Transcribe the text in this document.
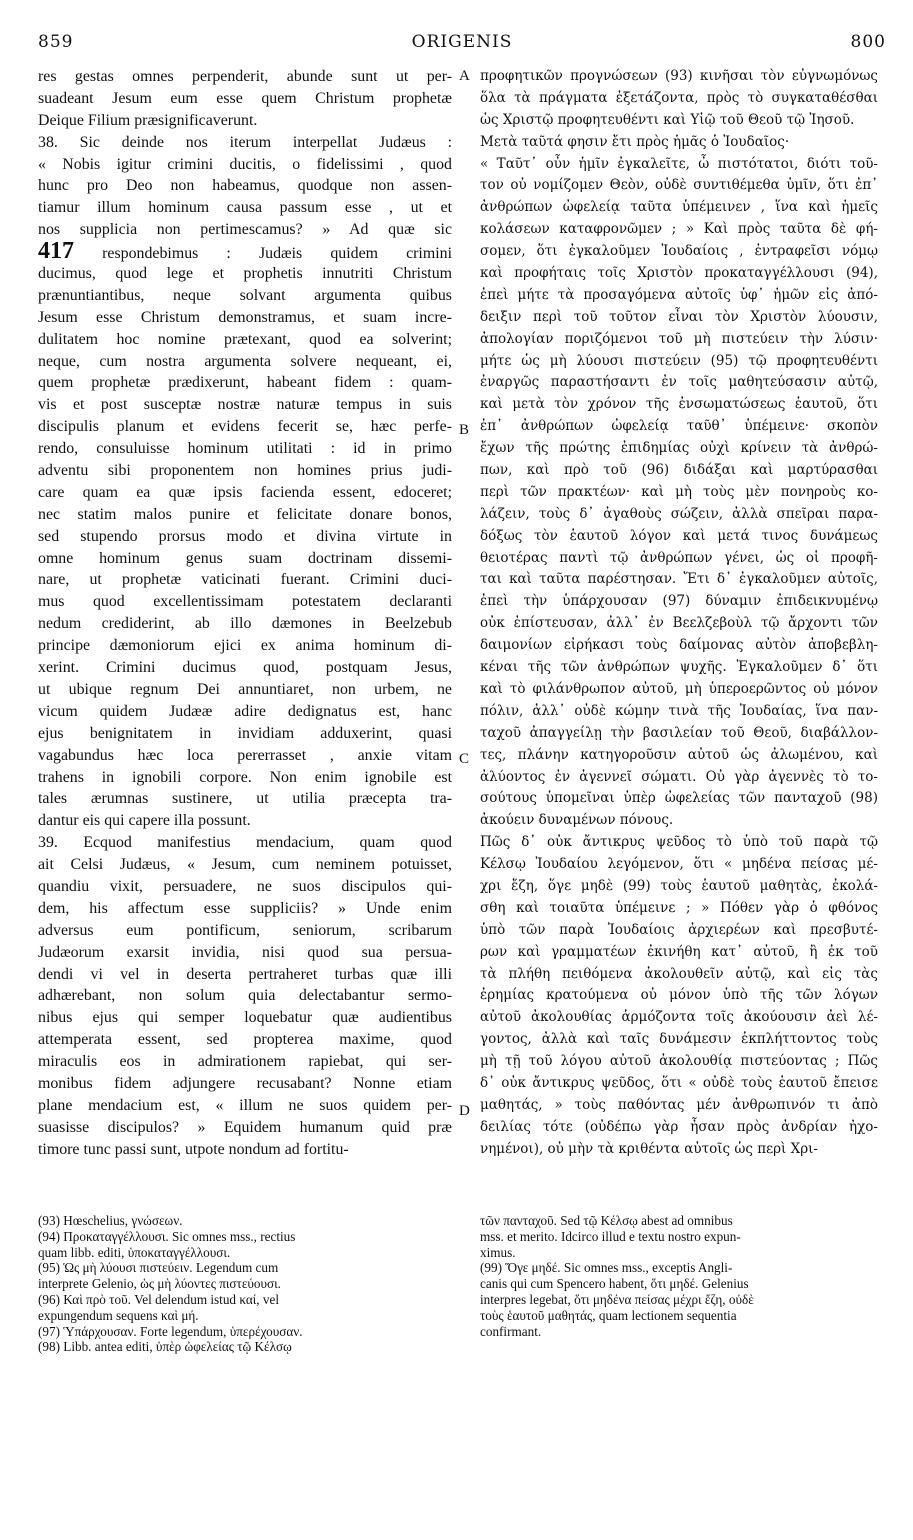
859	ORIGENIS	800
res gestas omnes perpenderit, abunde sunt ut per-
suadeant Jesum eum esse quem Christum prophetæ
Deique Filium præsignificaverunt.
38. Sic deinde nos iterum interpellat Judæus :
« Nobis igitur crimini ducitis, o fidelissimi , quod
hunc pro Deo non habeamus, quodque non assen-
tiamur illum hominum causa passum esse , ut et
nos supplicia non pertimescamus? » Ad quæ sic
417 respondebimus : Judæis quidem crimini
ducimus, quod lege et prophetis innutriti Christum
prænuntiantibus, neque solvant argumenta quibus
Jesum esse Christum demonstramus, et suam incre-
dulitatem hoc nomine prætexant, quod ea solverint;
neque, cum nostra argumenta solvere nequeant, ei,
quem prophetæ prædixerunt, habeant fidem : quam-
vis et post susceptæ nostræ naturæ tempus in suis
discipulis planum et evidens fecerit se, hæc perfe-
rendo, consuluisse hominum utilitati : id in primo
adventu sibi proponentem non homines prius judi-
care quam ea quæ ipsis facienda essent, edoceret;
nec statim malos punire et felicitate donare bonos,
sed stupendo prorsus modo et divina virtute in
omne hominum genus suam doctrinam dissemi-
nare, ut prophetæ vaticinati fuerant. Crimini duci-
mus quod excellentissimam potestatem declaranti
nedum crediderint, ab illo dæmones in Beelzebub
principe dæmoniorum ejici ex anima hominum di-
xerint. Crimini ducimus quod, postquam Jesus,
ut ubique regnum Dei annuntiaret, non urbem, ne
vicum quidem Judææ adire dedignatus est, hanc
ejus benignitatem in invidiam adduxerint, quasi
vagabundus hæc loca pererrasset , anxie vitam
trahens in ignobili corpore. Non enim ignobile est
tales ærumnas sustinere, ut utilia præcepta tra-
dantur eis qui capere illa possunt.
39. Ecquod manifestius mendacium, quam quod
ait Celsi Judæus, « Jesum, cum neminem potuisset,
quandiu vixit, persuadere, ne suos discipulos qui-
dem, his affectum esse suppliciis? » Unde enim
adversus eum pontificum, seniorum, scribarum
Judæorum exarsit invidia, nisi quod sua persua-
dendi vi vel in deserta pertraheret turbas quæ illi
adhærebant, non solum quia delectabantur sermo-
nibus ejus qui semper loquebatur quæ audientibus
attemperata essent, sed propterea maxime, quod
miraculis eos in admirationem rapiebat, qui ser-
monibus fidem adjungere recusabant? Nonne etiam
plane mendacium est, « illum ne suos quidem per-
suasisse discipulos? » Equidem humanum quid præ
timore tunc passi sunt, utpote nondum ad fortitu-
προφητικῶν προγνώσεων (93) κινῆσαι τὸν εὐγνωμόνως
ὅλα τὰ πράγματα ἐξετάζοντα, πρὸς τὸ συγκαταθέσθαι
ὡς Χριστῷ προφητευθέντι καὶ Υἱῷ τοῦ Θεοῦ τῷ Ἰησοῦ.
Μετὰ ταῦτά φησιν ἔτι πρὸς ἡμᾶς ὁ Ἰουδαῖος·
« Ταῦτ᾽ οὖν ἡμῖν ἐγκαλεῖτε, ὦ πιστότατοι, διότι τοῦ-
τον οὐ νομίζομεν Θεὸν, οὐδὲ συντιθέμεθα ὑμῖν, ὅτι ἐπ᾽
ἀνθρώπων ὠφελείᾳ ταῦτα ὑπέμεινεν , ἵνα καὶ ἡμεῖς
κολάσεων καταφρονῶμεν ; » Καὶ πρὸς ταῦτα δὲ φή-
σομεν, ὅτι ἐγκαλοῦμεν Ἰουδαίοις , ἐντραφεῖσι νόμῳ
καὶ προφήταις τοῖς Χριστὸν προκαταγγέλλουσι (94),
ἐπεὶ μήτε τὰ προσαγόμενα αὐτοῖς ὑφ᾽ ἡμῶν εἰς ἀπό-
δειξιν περὶ τοῦ τοῦτον εἶναι τὸν Χριστὸν λύουσιν,
ἀπολογίαν ποριζόμενοι τοῦ μὴ πιστεύειν τὴν λύσιν·
μήτε ὡς μὴ λύουσι πιστεύειν (95) τῷ προφητευθέντι
ἐναργῶς παραστήσαντι ἐν τοῖς μαθητεύσασιν αὐτῷ,
καὶ μετὰ τὸν χρόνον τῆς ἐνσωματώσεως ἑαυτοῦ, ὅτι
ἐπ᾽ ἀνθρώπων ὠφελείᾳ ταῦθ᾽ ὑπέμεινε· σκοπὸν
ἔχων τῆς πρώτης ἐπιδημίας οὐχὶ κρίνειν τὰ ἀνθρώ-
πων, καὶ πρὸ τοῦ (96) διδάξαι καὶ μαρτύρασθαι
περὶ τῶν πρακτέων· καὶ μὴ τοὺς μὲν πονηροὺς κο-
λάζειν, τοὺς δ᾽ ἀγαθοὺς σώζειν, ἀλλὰ σπεῖραι παρα-
δόξως τὸν ἑαυτοῦ λόγον καὶ μετά τινος δυνάμεως
θειοτέρας παντὶ τῷ ἀνθρώπων γένει, ὡς οἱ προφῆ-
ται καὶ ταῦτα παρέστησαν. Ἔτι δ᾽ ἐγκαλοῦμεν αὐτοῖς,
ἐπεὶ τὴν ὑπάρχουσαν (97) δύναμιν ἐπιδεικνυμένῳ
οὐκ ἐπίστευσαν, ἀλλ᾽ ἐν Βεελζεβοὺλ τῷ ἄρχοντι τῶν
δαιμονίων εἰρήκασι τοὺς δαίμονας αὐτὸν ἀποβεβλη-
κέναι τῆς τῶν ἀνθρώπων ψυχῆς. Ἐγκαλοῦμεν δ᾽ ὅτι
καὶ τὸ φιλάνθρωπον αὐτοῦ, μὴ ὑπεροερῶντος οὐ μόνον
πόλιν, ἀλλ᾽ οὐδὲ κώμην τινὰ τῆς Ἰουδαίας, ἵνα παν-
ταχοῦ ἀπαγγείλῃ τὴν βασιλείαν τοῦ Θεοῦ, διαβάλλον-
τες, πλάνην κατηγοροῦσιν αὐτοῦ ὡς ἀλωμένου, καὶ
ἀλύοντος ἐν ἀγεννεῖ σώματι. Οὐ γὰρ ἀγεννὲς τὸ το-
σούτους ὑπομεῖναι ὑπὲρ ὠφελείας τῶν πανταχοῦ (98)
ἀκούειν δυναμένων πόνους.
Πῶς δ᾽ οὐκ ἄντικρυς ψεῦδος τὸ ὑπὸ τοῦ παρὰ τῷ
Κέλσῳ Ἰουδαίου λεγόμενον, ὅτι « μηδένα πείσας μέ-
χρι ἔζη, ὅγε μηδὲ (99) τοὺς ἑαυτοῦ μαθητὰς, ἐκολά-
σθη καὶ τοιαῦτα ὑπέμεινε ; » Πόθεν γὰρ ὁ φθόνος
ὑπὸ τῶν παρὰ Ἰουδαίοις ἀρχιερέων καὶ πρεσβυτέ-
ρων καὶ γραμματέων ἐκινήθη κατ᾽ αὐτοῦ, ἢ ἐκ τοῦ
τὰ πλήθη πειθόμενα ἀκολουθεῖν αὐτῷ, καὶ εἰς τὰς
ἐρημίας κρατούμενα οὐ μόνον ὑπὸ τῆς τῶν λόγων
αὐτοῦ ἀκολουθίας ἁρμόζοντα τοῖς ἀκούουσιν ἀεὶ λέ-
γοντος, ἀλλὰ καὶ ταῖς δυνάμεσιν ἐκπλήττοντος τοὺς
μὴ τῇ τοῦ λόγου αὐτοῦ ἀκολουθίᾳ πιστεύοντας ; Πῶς
δ᾽ οὐκ ἄντικρυς ψεῦδος, ὅτι « οὐδὲ τοὺς ἑαυτοῦ ἔπεισε
μαθητάς, » τοὺς παθόντας μέν ἀνθρωπινόν τι ἀπὸ
δειλίας τότε (οὐδέπω γὰρ ἦσαν πρὸς ἀνδρίαν ἠχο-
νημένοι), οὐ μὴν τὰ κριθέντα αὐτοῖς ὡς περὶ Χρι-
A
B
C
D
(93) Hœschelius, γνώσεων.
(94) Προκαταγγέλλουσι. Sic omnes mss., rectius
quam libb. editi, ὑποκαταγγέλλουσι.
(95) Ὡς μὴ λύουσι πιστεύειν. Legendum cum
interprete Gelenio, ὡς μὴ λύοντες πιστεύουσι.
(96) Καὶ πρὸ τοῦ. Vel delendum istud καί, vel
expungendum sequens καὶ μή.
(97) Ὑπάρχουσαν. Forte legendum, ὑπερέχουσαν.
(98) Libb. antea editi, ὑπὲρ ὠφελείας τῷ Κέλσῳ
τῶν πανταχοῦ. Sed τῷ Κέλσῳ abest ad omnibus
mss. et merito. Idcirco illud e textu nostro expun-
ximus.
(99) Ὅγε μηδέ. Sic omnes mss., exceptis Angli-
canis qui cum Spencero habent, ὅτι μηδέ. Gelenius
interpres legebat, ὅτι μηδένα πείσας μέχρι ἔζη, οὐδὲ
τοὺς ἑαυτοῦ μαθητάς, quam lectionem sequentia
confirmant.
